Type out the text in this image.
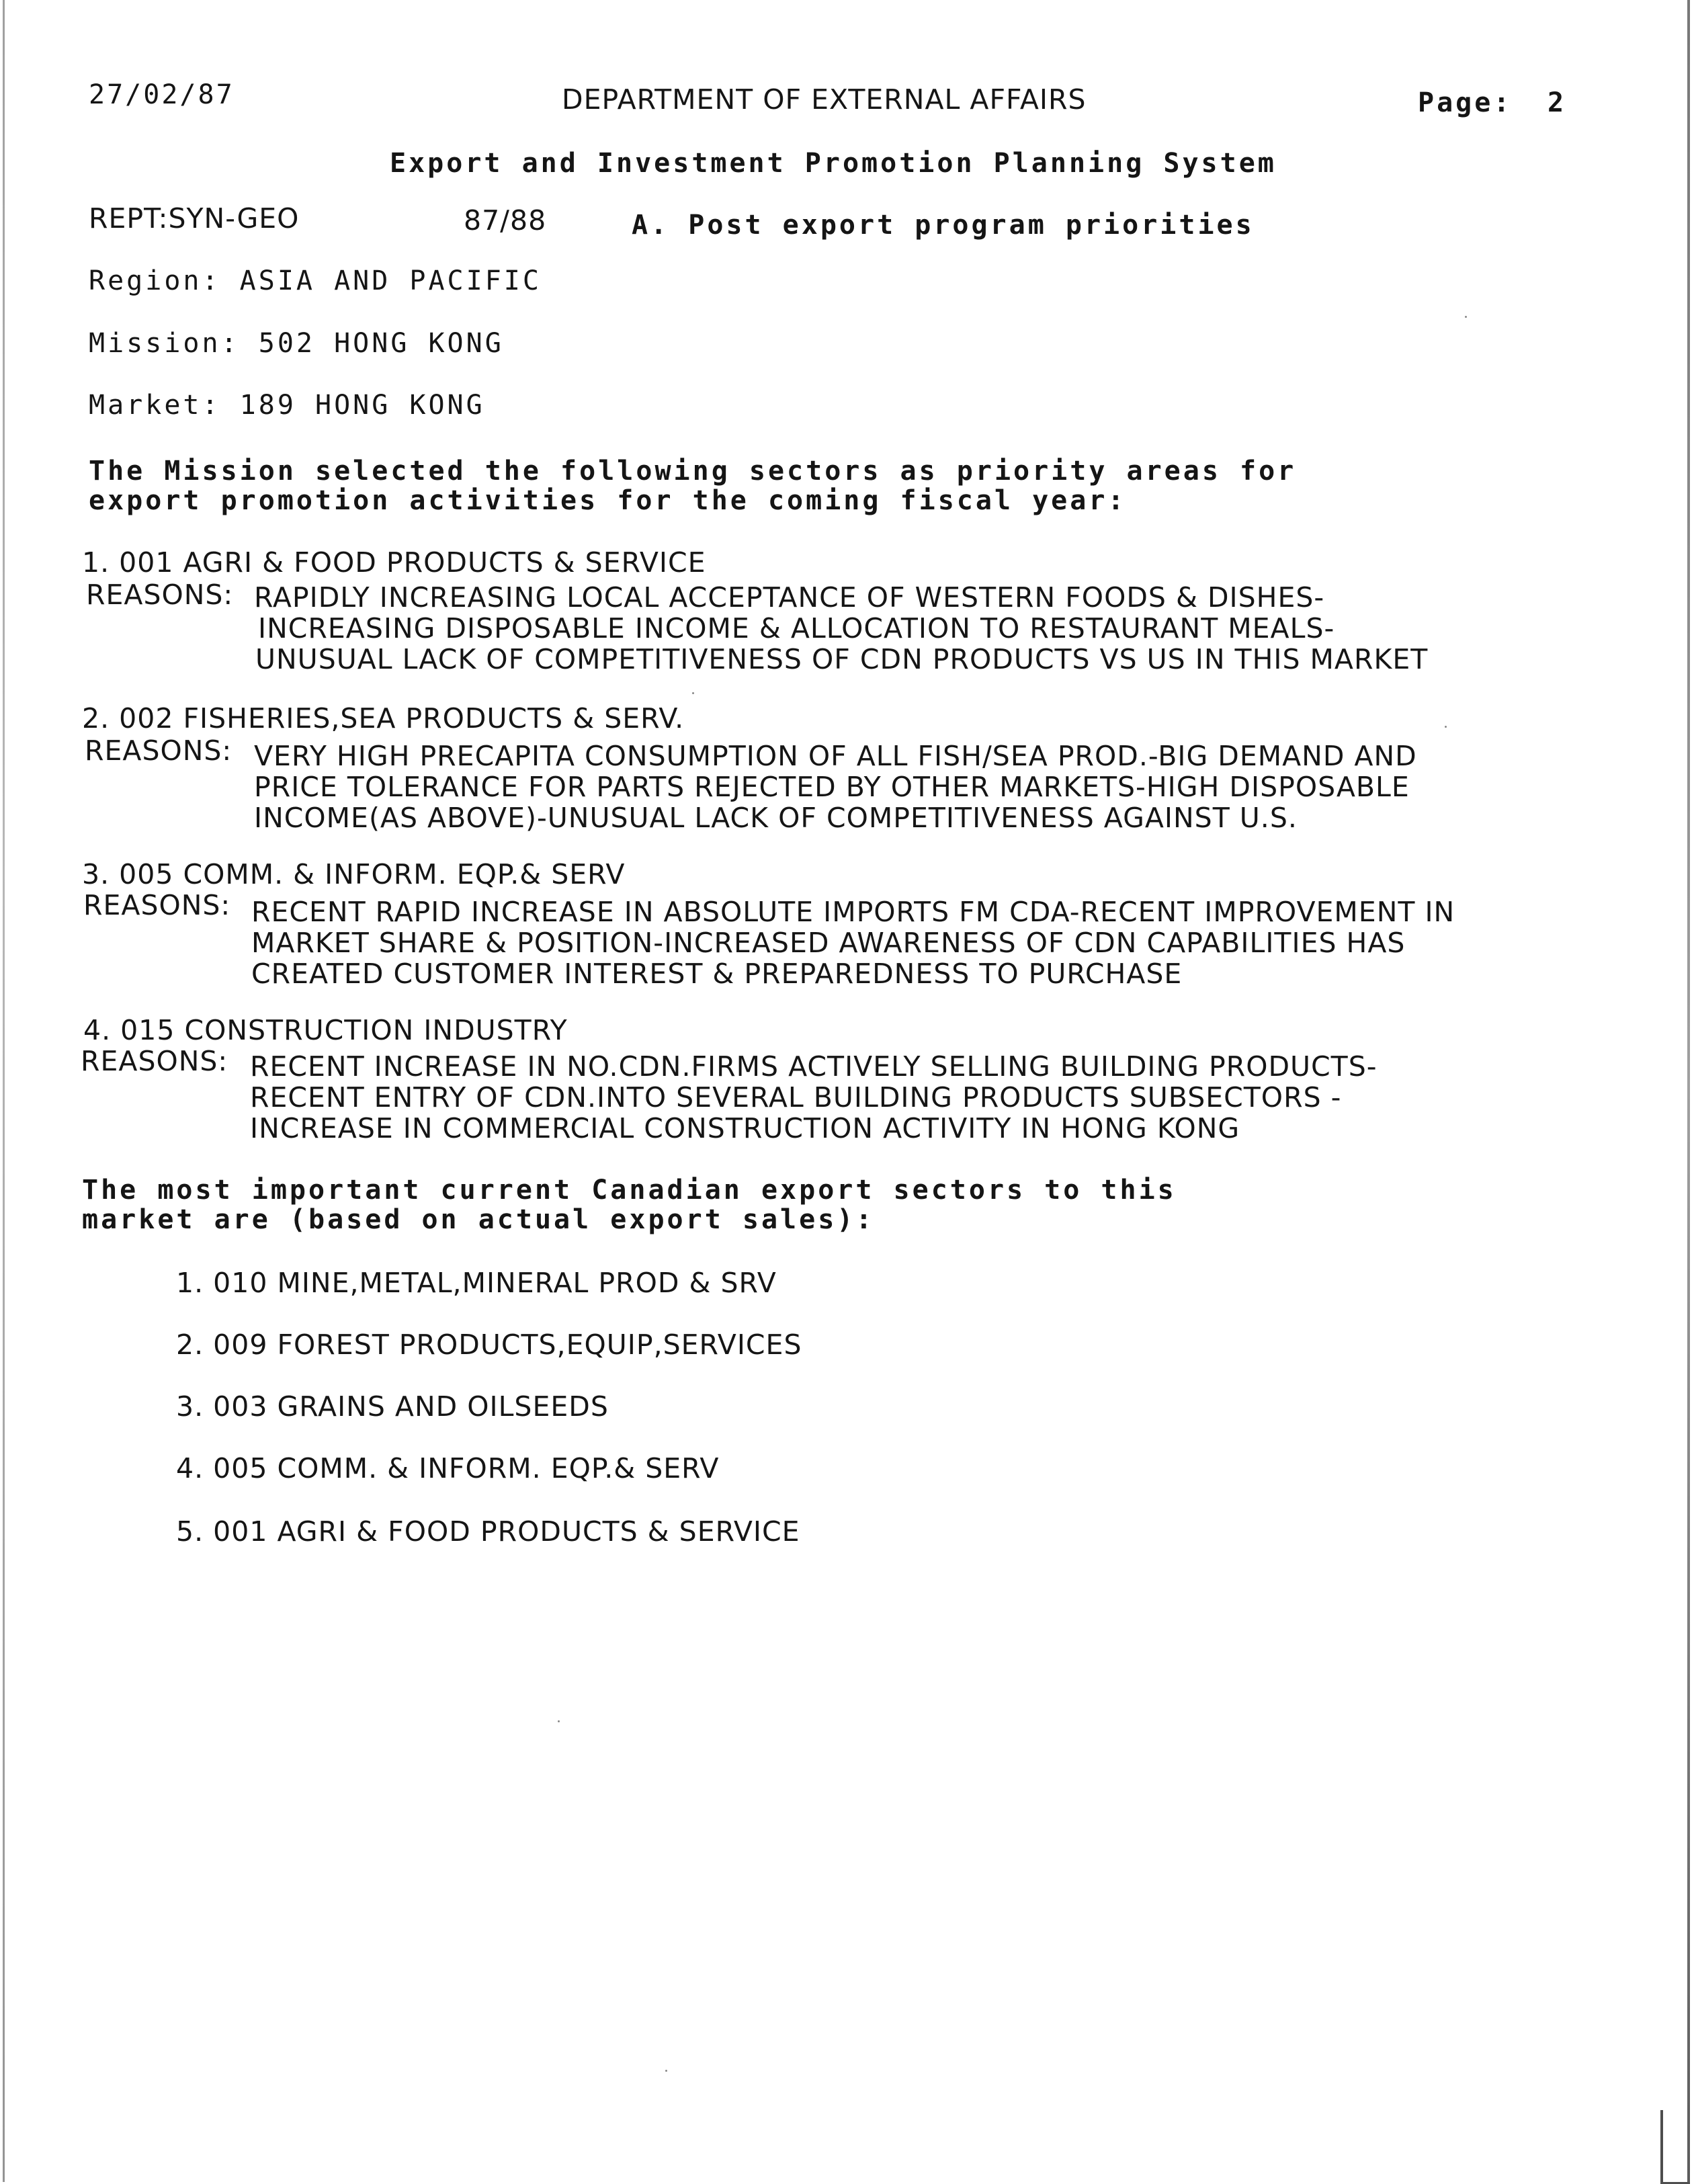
27/02/87	DEPARTMENT OF EXTERNAL AFFAIRS	Page: 2
Export and Investment Promotion Planning System
REPT:SYN-GEO	87/88	A. Post export program priorities
Region: ASIA AND PACIFIC
Mission: 502 HONG KONG
Market: 189 HONG KONG
The Mission selected the following sectors as priority areas for
export promotion activities for the coming fiscal year:
1. 001 AGRI & FOOD PRODUCTS & SERVICE
REASONS: RAPIDLY INCREASING LOCAL ACCEPTANCE OF WESTERN FOODS & DISHES-
INCREASING DISPOSABLE INCOME & ALLOCATION TO RESTAURANT MEALS-
UNUSUAL LACK OF COMPETITIVENESS OF CDN PRODUCTS VS US IN THIS MARKET
2. 002 FISHERIES,SEA PRODUCTS & SERV.
REASONS: VERY HIGH PRECAPITA CONSUMPTION OF ALL FISH/SEA PROD.-BIG DEMAND AND
PRICE TOLERANCE FOR PARTS REJECTED BY OTHER MARKETS-HIGH DISPOSABLE
INCOME(AS ABOVE)-UNUSUAL LACK OF COMPETITIVENESS AGAINST U.S.
3. 005 COMM. & INFORM. EQP.& SERV
REASONS: RECENT RAPID INCREASE IN ABSOLUTE IMPORTS FM CDA-RECENT IMPROVEMENT IN
MARKET SHARE & POSITION-INCREASED AWARENESS OF CDN CAPABILITIES HAS
CREATED CUSTOMER INTEREST & PREPAREDNESS TO PURCHASE
4. 015 CONSTRUCTION INDUSTRY
REASONS: RECENT INCREASE IN NO.CDN.FIRMS ACTIVELY SELLING BUILDING PRODUCTS-
RECENT ENTRY OF CDN.INTO SEVERAL BUILDING PRODUCTS SUBSECTORS -
INCREASE IN COMMERCIAL CONSTRUCTION ACTIVITY IN HONG KONG
The most important current Canadian export sectors to this
market are (based on actual export sales):
1. 010 MINE,METAL,MINERAL PROD & SRV
2. 009 FOREST PRODUCTS,EQUIP,SERVICES
3. 003 GRAINS AND OILSEEDS
4. 005 COMM. & INFORM. EQP.& SERV
5. 001 AGRI & FOOD PRODUCTS & SERVICE
